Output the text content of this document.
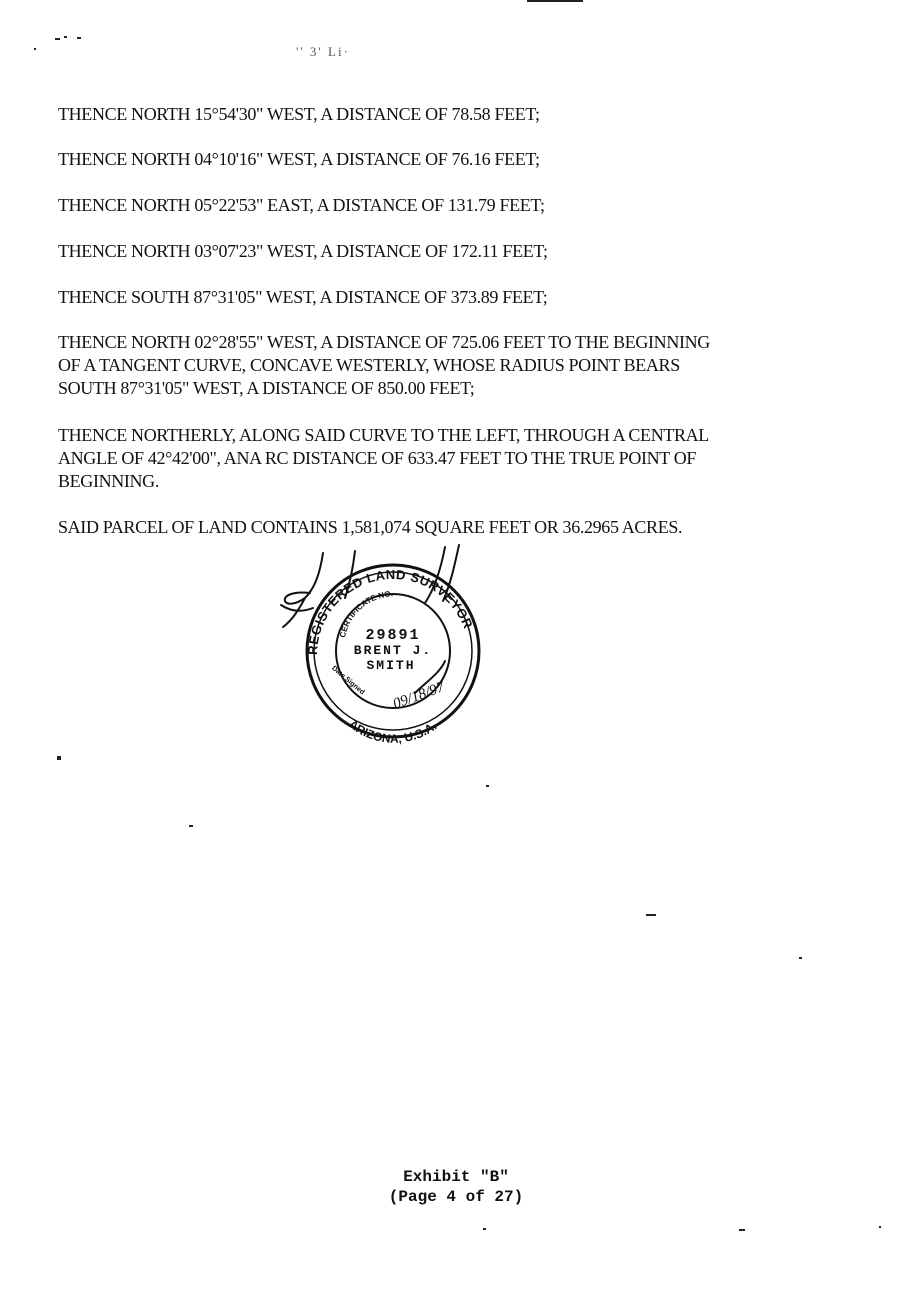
'' 3' Li·
THENCE NORTH 15°54'30" WEST, A DISTANCE OF 78.58 FEET;
THENCE NORTH 04°10'16" WEST, A DISTANCE OF 76.16 FEET;
THENCE NORTH 05°22'53" EAST, A DISTANCE OF 131.79 FEET;
THENCE NORTH 03°07'23" WEST, A DISTANCE OF 172.11 FEET;
THENCE SOUTH 87°31'05" WEST, A DISTANCE OF 373.89 FEET;
THENCE NORTH 02°28'55" WEST, A DISTANCE OF 725.06 FEET TO THE BEGINNING
OF A TANGENT CURVE, CONCAVE WESTERLY, WHOSE RADIUS POINT BEARS
SOUTH 87°31'05" WEST, A DISTANCE OF 850.00 FEET;
THENCE NORTHERLY, ALONG SAID CURVE TO THE LEFT, THROUGH A CENTRAL
ANGLE OF 42°42'00", ANA RC DISTANCE OF 633.47 FEET TO THE TRUE POINT OF
BEGINNING.
SAID PARCEL OF LAND CONTAINS 1,581,074 SQUARE FEET OR 36.2965 ACRES.
REGISTERED LAND SURVEYOR
CERTIFICATE NO.
29891
BRENT J.
SMITH
Date Signed 09/18/97
ARIZONA, U.S.A.
Exhibit "B"
(Page 4 of 27)
